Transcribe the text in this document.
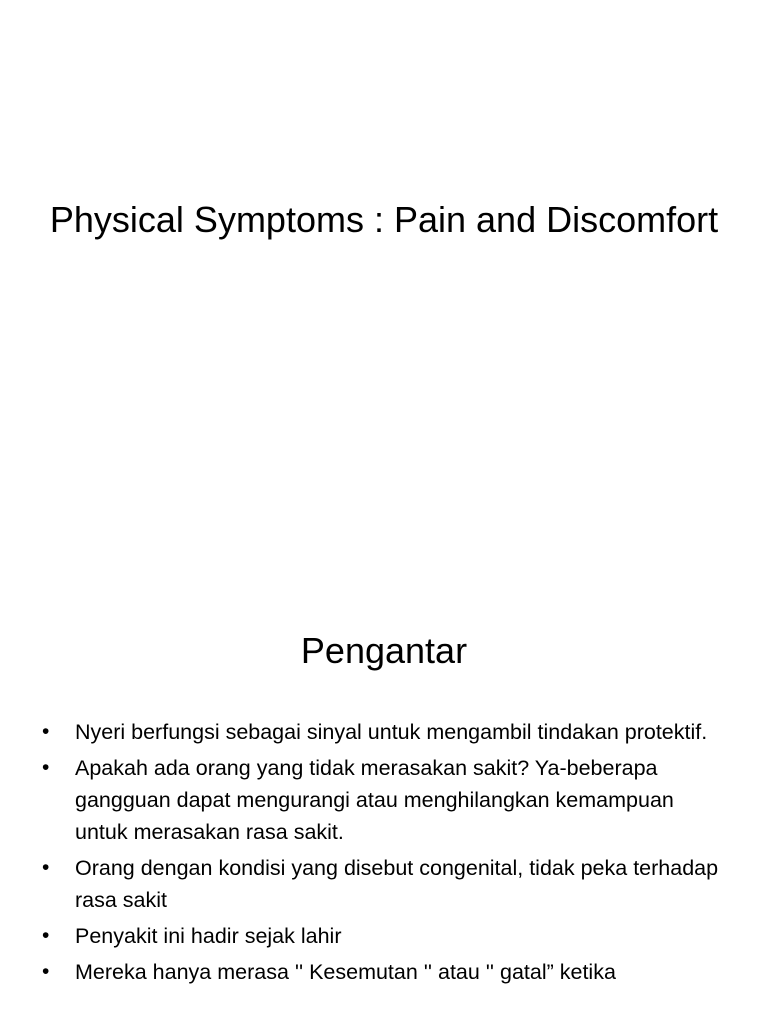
Physical Symptoms : Pain and Discomfort
Pengantar
• Nyeri berfungsi sebagai sinyal untuk mengambil tindakan protektif.
• Apakah ada orang yang tidak merasakan sakit? Ya-beberapa gangguan dapat mengurangi atau menghilangkan kemampuan untuk merasakan rasa sakit.
• Orang dengan kondisi yang disebut congenital, tidak peka terhadap rasa sakit
• Penyakit ini hadir sejak lahir
• Mereka hanya merasa '' Kesemutan '' atau '' gatal” ketika
